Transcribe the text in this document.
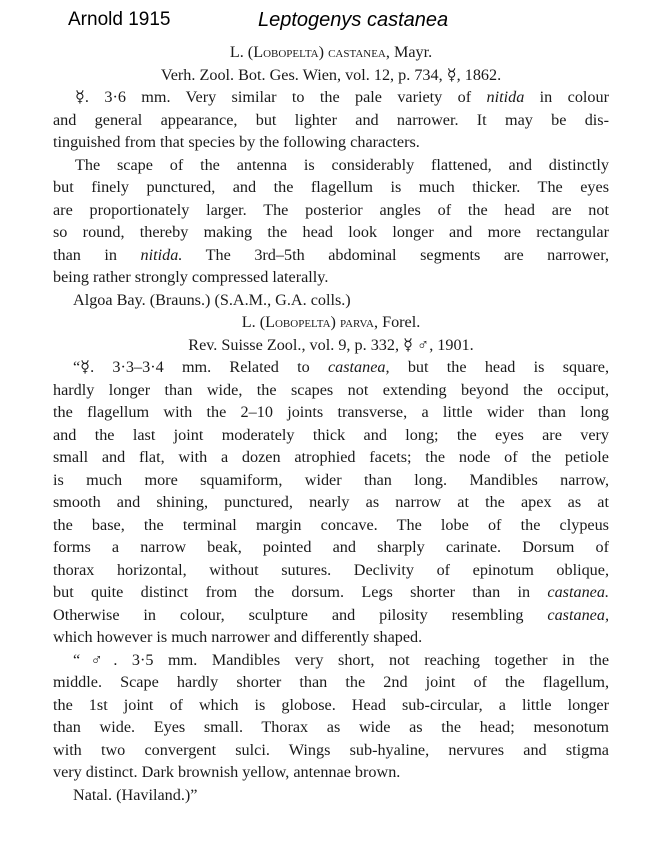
Arnold 1915	Leptogenys castanea
L. (Lobopelta) castanea, Mayr.
Verh. Zool. Bot. Ges. Wien, vol. 12, p. 734, ☿, 1862.
☿. 3·6 mm. Very similar to the pale variety of nitida in colour
and general appearance, but lighter and narrower. It may be dis-
tinguished from that species by the following characters.
The scape of the antenna is considerably flattened, and distinctly
but finely punctured, and the flagellum is much thicker. The eyes
are proportionately larger. The posterior angles of the head are not
so round, thereby making the head look longer and more rectangular
than in nitida. The 3rd–5th abdominal segments are narrower,
being rather strongly compressed laterally.
Algoa Bay. (Brauns.) (S.A.M., G.A. colls.)
L. (Lobopelta) parva, Forel.
Rev. Suisse Zool., vol. 9, p. 332, ☿ ♂, 1901.
“☿. 3·3–3·4 mm. Related to castanea, but the head is square,
hardly longer than wide, the scapes not extending beyond the occiput,
the flagellum with the 2–10 joints transverse, a little wider than long
and the last joint moderately thick and long; the eyes are very
small and flat, with a dozen atrophied facets; the node of the petiole
is much more squamiform, wider than long. Mandibles narrow,
smooth and shining, punctured, nearly as narrow at the apex as at
the base, the terminal margin concave. The lobe of the clypeus
forms a narrow beak, pointed and sharply carinate. Dorsum of
thorax horizontal, without sutures. Declivity of epinotum oblique,
but quite distinct from the dorsum. Legs shorter than in castanea.
Otherwise in colour, sculpture and pilosity resembling castanea,
which however is much narrower and differently shaped.
“♂. 3·5 mm. Mandibles very short, not reaching together in the
middle. Scape hardly shorter than the 2nd joint of the flagellum,
the 1st joint of which is globose. Head sub-circular, a little longer
than wide. Eyes small. Thorax as wide as the head; mesonotum
with two convergent sulci. Wings sub-hyaline, nervures and stigma
very distinct. Dark brownish yellow, antennae brown.
Natal. (Haviland.)”
